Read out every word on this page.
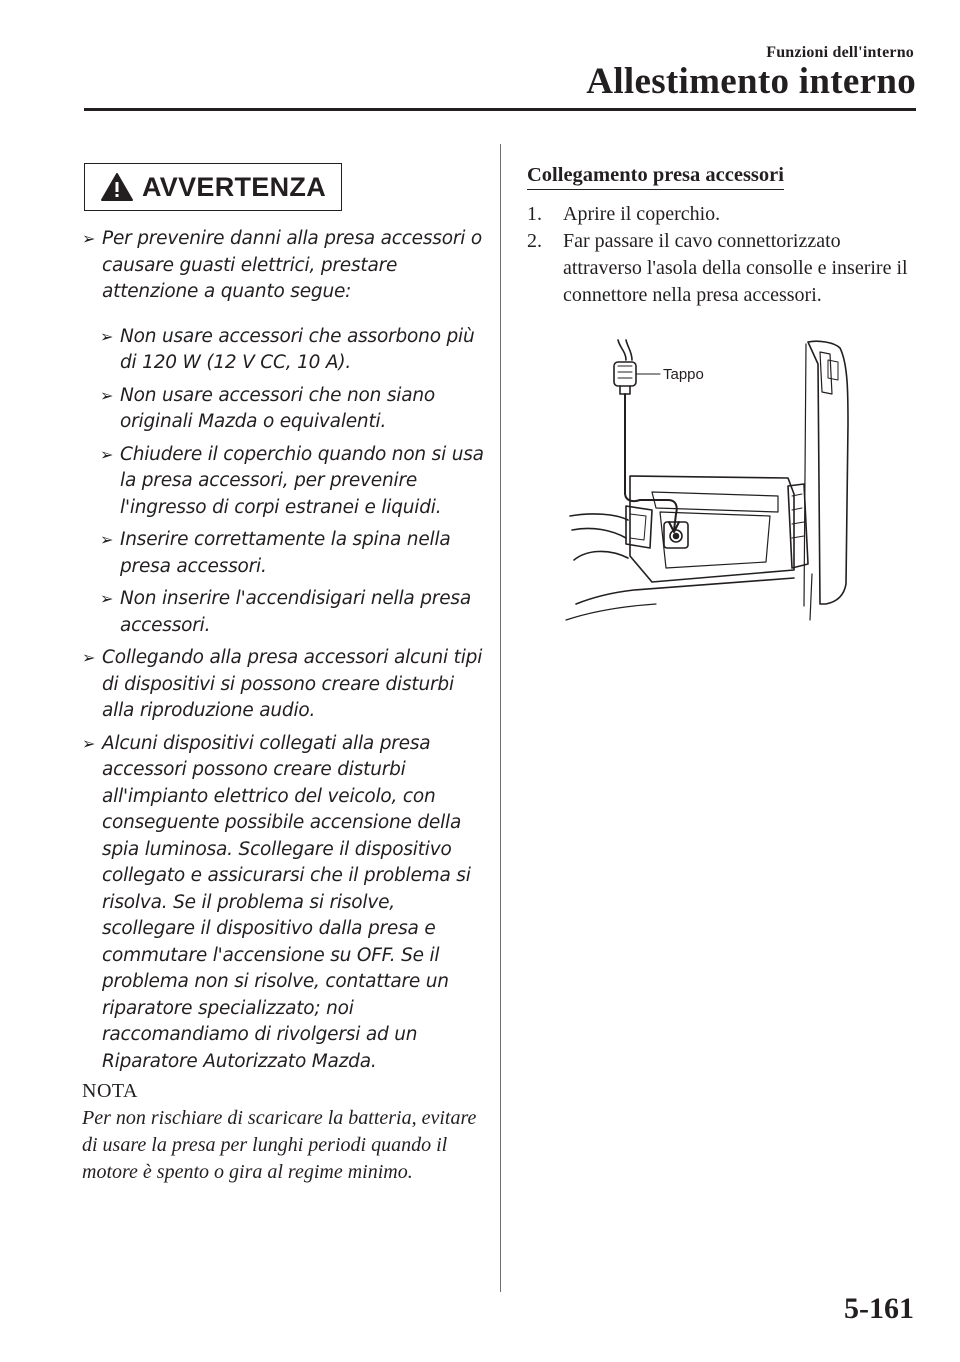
Funzioni dell'interno
Allestimento interno
AVVERTENZA
➢ Per prevenire danni alla presa accessori o causare guasti elettrici, prestare attenzione a quanto segue:
➢ Non usare accessori che assorbono più di 120 W (12 V CC, 10 A).
➢ Non usare accessori che non siano originali Mazda o equivalenti.
➢ Chiudere il coperchio quando non si usa la presa accessori, per prevenire l'ingresso di corpi estranei e liquidi.
➢ Inserire correttamente la spina nella presa accessori.
➢ Non inserire l'accendisigari nella presa accessori.
➢ Collegando alla presa accessori alcuni tipi di dispositivi si possono creare disturbi alla riproduzione audio.
➢ Alcuni dispositivi collegati alla presa accessori possono creare disturbi all'impianto elettrico del veicolo, con conseguente possibile accensione della spia luminosa. Scollegare il dispositivo collegato e assicurarsi che il problema si risolva. Se il problema si risolve, scollegare il dispositivo dalla presa e commutare l'accensione su OFF. Se il problema non si risolve, contattare un riparatore specializzato; noi raccomandiamo di rivolgersi ad un Riparatore Autorizzato Mazda.
NOTA
Per non rischiare di scaricare la batteria, evitare di usare la presa per lunghi periodi quando il motore è spento o gira al regime minimo.
Collegamento presa accessori
1. Aprire il coperchio.
2. Far passare il cavo connettorizzato attraverso l'asola della consolle e inserire il connettore nella presa accessori.
Tappo
5-161
